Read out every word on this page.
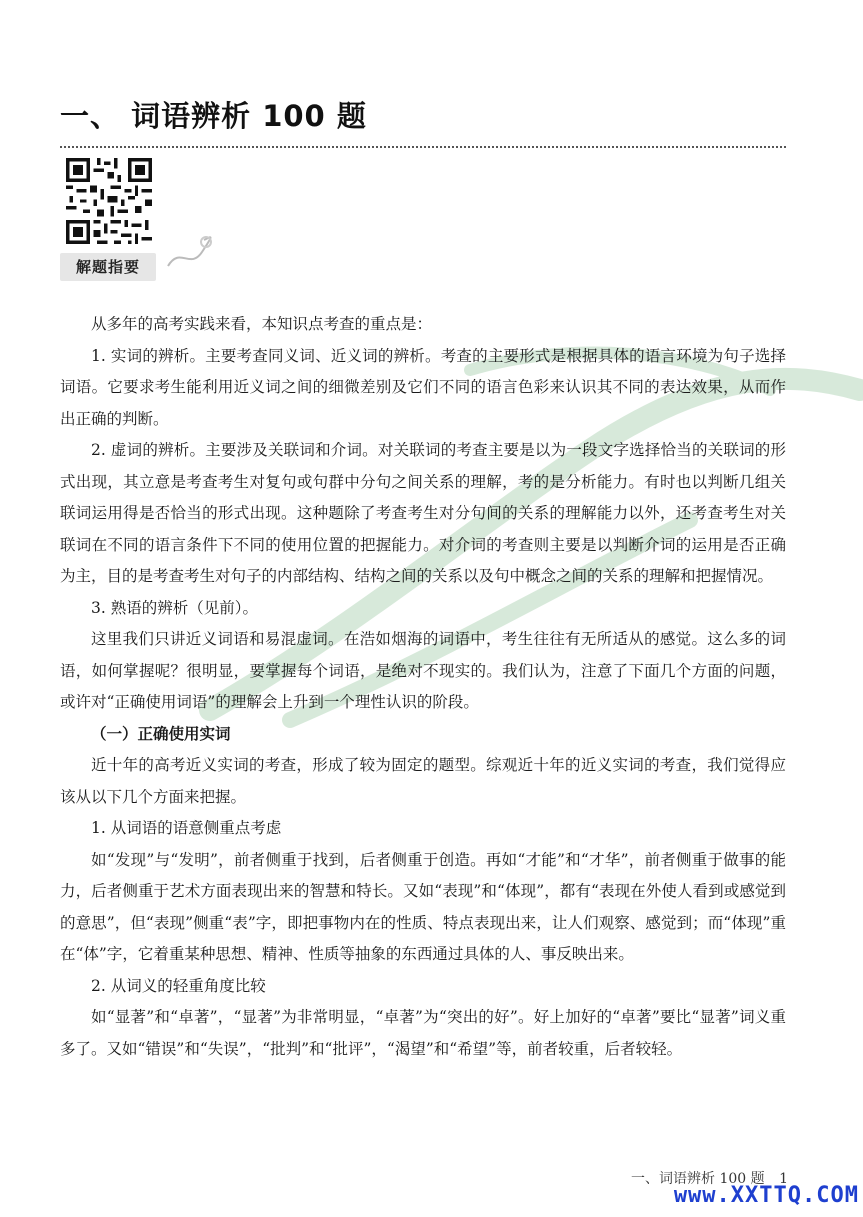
一、 词语辨析 100 题
解题指要

从多年的高考实践来看，本知识点考查的重点是：

1. 实词的辨析。主要考查同义词、近义词的辨析。考查的主要形式是根据具体的语言环境为句子选择词语。它要求考生能利用近义词之间的细微差别及它们不同的语言色彩来认识其不同的表达效果，从而作出正确的判断。

2. 虚词的辨析。主要涉及关联词和介词。对关联词的考查主要是以为一段文字选择恰当的关联词的形式出现，其立意是考查考生对复句或句群中分句之间关系的理解，考的是分析能力。有时也以判断几组关联词运用得是否恰当的形式出现。这种题除了考查考生对分句间的关系的理解能力以外，还考查考生对关联词在不同的语言条件下不同的使用位置的把握能力。对介词的考查则主要是以判断介词的运用是否正确为主，目的是考查考生对句子的内部结构、结构之间的关系以及句中概念之间的关系的理解和把握情况。

3. 熟语的辨析（见前）。

这里我们只讲近义词语和易混虚词。在浩如烟海的词语中，考生往往有无所适从的感觉。这么多的词语，如何掌握呢？很明显，要掌握每个词语，是绝对不现实的。我们认为，注意了下面几个方面的问题，或许对“正确使用词语”的理解会上升到一个理性认识的阶段。

（一）正确使用实词

近十年的高考近义实词的考查，形成了较为固定的题型。综观近十年的近义实词的考查，我们觉得应该从以下几个方面来把握。

1. 从词语的语意侧重点考虑

如“发现”与“发明”，前者侧重于找到，后者侧重于创造。再如“才能”和“才华”，前者侧重于做事的能力，后者侧重于艺术方面表现出来的智慧和特长。又如“表现”和“体现”，都有“表现在外使人看到或感觉到的意思”，但“表现”侧重“表”字，即把事物内在的性质、特点表现出来，让人们观察、感觉到；而“体现”重在“体”字，它着重某种思想、精神、性质等抽象的东西通过具体的人、事反映出来。

2. 从词义的轻重角度比较

如“显著”和“卓著”，“显著”为非常明显，“卓著”为“突出的好”。好上加好的“卓著”要比“显著”词义重多了。又如“错误”和“失误”，“批判”和“批评”，“渴望”和“希望”等，前者较重，后者较轻。

一、词语辨析 100 题 1
www.XXTTQ.COM
